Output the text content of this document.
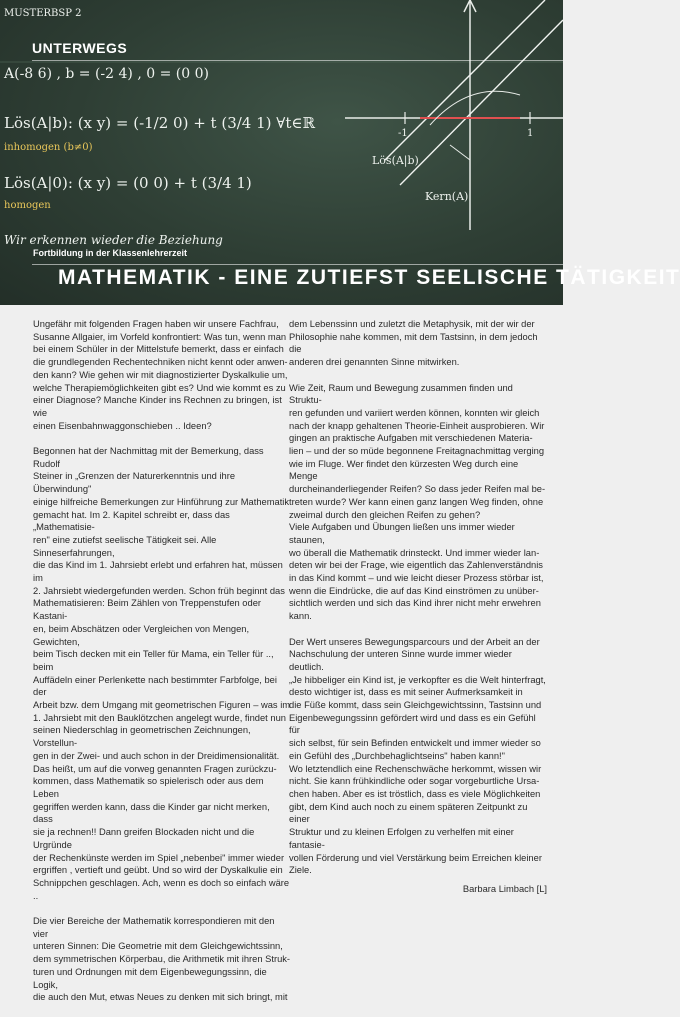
Lös(A|b)
Kern(A)
-1	1
MUSTERBSP 2
A(-8 6) , b = (-2 4) , 0 = (0 0)
Lös(A|b): (x y) = (-1/2 0) + t (3/4 1) ∀t∈ℝ
inhomogen (b≠0)
Lös(A|0): (x y) = (0 0) + t (3/4 1)
homogen
Wir erkennen wieder die Beziehung
UNTERWEGS
Fortbildung in der Klassenlehrerzeit
MATHEMATIK - EINE ZUTIEFST SEELISCHE TÄTIGKEIT

Ungefähr mit folgenden Fragen haben wir unsere Fachfrau,
Susanne Allgaier, im Vorfeld konfrontiert: Was tun, wenn man
bei einem Schüler in der Mittelstufe bemerkt, dass er einfach
die grundlegenden Rechentechniken nicht kennt oder anwen-
den kann? Wie gehen wir mit diagnostizierter Dyskalkulie um,
welche Therapiemöglichkeiten gibt es? Und wie kommt es zu
einer Diagnose? Manche Kinder ins Rechnen zu bringen, ist wie
einen Eisenbahnwaggonschieben .. Ideen?

Begonnen hat der Nachmittag mit der Bemerkung, dass Rudolf
Steiner in „Grenzen der Naturerkenntnis und ihre Überwindung"
einige hilfreiche Bemerkungen zur Hinführung zur Mathematik
gemacht hat. Im 2. Kapitel schreibt er, dass das „Mathematisie-
ren" eine zutiefst seelische Tätigkeit sei. Alle Sinneserfahrungen,
die das Kind im 1. Jahrsiebt erlebt und erfahren hat, müssen im
2. Jahrsiebt wiedergefunden werden. Schon früh beginnt das
Mathematisieren: Beim Zählen von Treppenstufen oder Kastani-
en, beim Abschätzen oder Vergleichen von Mengen, Gewichten,
beim Tisch decken mit ein Teller für Mama, ein Teller für .., beim
Auffädeln einer Perlenkette nach bestimmter Farbfolge, bei der
Arbeit bzw. dem Umgang mit geometrischen Figuren – was im
1. Jahrsiebt mit den Bauklötzchen angelegt wurde, findet nun
seinen Niederschlag in geometrischen Zeichnungen, Vorstellun-
gen in der Zwei- und auch schon in der Dreidimensionalität.
Das heißt, um auf die vorweg genannten Fragen zurückzu-
kommen, dass Mathematik so spielerisch oder aus dem Leben
gegriffen werden kann, dass die Kinder gar nicht merken, dass
sie ja rechnen!! Dann greifen Blockaden nicht und die Urgründe
der Rechenkünste werden im Spiel „nebenbei" immer wieder
ergriffen , vertieft und geübt. Und so wird der Dyskalkulie ein
Schnippchen geschlagen. Ach, wenn es doch so einfach wäre ..

Die vier Bereiche der Mathematik korrespondieren mit den vier
unteren Sinnen: Die Geometrie mit dem Gleichgewichtssinn,
dem symmetrischen Körperbau, die Arithmetik mit ihren Struk-
turen und Ordnungen mit dem Eigenbewegungssinn, die Logik,
die auch den Mut, etwas Neues zu denken mit sich bringt, mit

dem Lebenssinn und zuletzt die Metaphysik, mit der wir der
Philosophie nahe kommen, mit dem Tastsinn, in dem jedoch die
anderen drei genannten Sinne mitwirken.

Wie Zeit, Raum und Bewegung zusammen finden und Struktu-
ren gefunden und variiert werden können, konnten wir gleich
nach der knapp gehaltenen Theorie-Einheit ausprobieren. Wir
gingen an praktische Aufgaben mit verschiedenen Materia-
lien – und der so müde begonnene Freitagnachmittag verging
wie im Fluge. Wer findet den kürzesten Weg durch eine Menge
durcheinanderliegender Reifen? So dass jeder Reifen mal be-
treten wurde? Wer kann einen ganz langen Weg finden, ohne
zweimal durch den gleichen Reifen zu gehen?
Viele Aufgaben und Übungen ließen uns immer wieder staunen,
wo überall die Mathematik drinsteckt. Und immer wieder lan-
deten wir bei der Frage, wie eigentlich das Zahlenverständnis
in das Kind kommt – und wie leicht dieser Prozess störbar ist,
wenn die Eindrücke, die auf das Kind einströmen zu unüber-
sichtlich werden und sich das Kind ihrer nicht mehr erwehren
kann.

Der Wert unseres Bewegungsparcours und der Arbeit an der
Nachschulung der unteren Sinne wurde immer wieder deutlich.
„Je hibbeliger ein Kind ist, je verkopfter es die Welt hinterfragt,
desto wichtiger ist, dass es mit seiner Aufmerksamkeit in
die Füße kommt, dass sein Gleichgewichtssinn, Tastsinn und
Eigenbewegungssinn gefördert wird und dass es ein Gefühl für
sich selbst, für sein Befinden entwickelt und immer wieder so
ein Gefühl des „Durchbehaglichtseins" haben kann!"
Wo letztendlich eine Rechenschwäche herkommt, wissen wir
nicht. Sie kann frühkindliche oder sogar vorgeburtliche Ursa-
chen haben. Aber es ist tröstlich, dass es viele Möglichkeiten
gibt, dem Kind auch noch zu einem späteren Zeitpunkt zu einer
Struktur und zu kleinen Erfolgen zu verhelfen mit einer fantasie-
vollen Förderung und viel Verstärkung beim Erreichen kleiner
Ziele.

Barbara Limbach [L]
